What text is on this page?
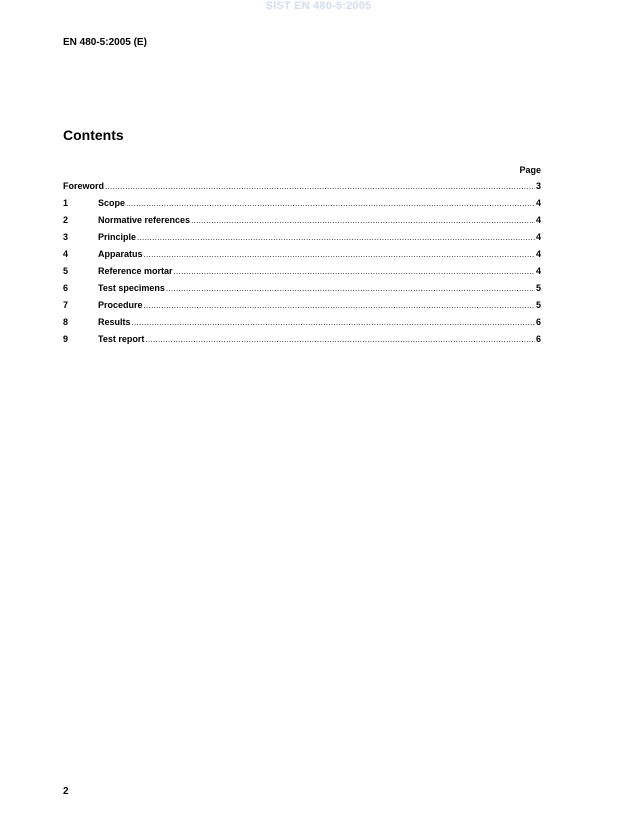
SIST EN 480-5:2005
EN 480-5:2005 (E)
Contents
Page
Foreword .....	3
1	Scope .....	4
2	Normative references .....	4
3	Principle .....	4
4	Apparatus .....	4
5	Reference mortar .....	4
6	Test specimens .....	5
7	Procedure .....	5
8	Results .....	6
9	Test report .....	6
2
